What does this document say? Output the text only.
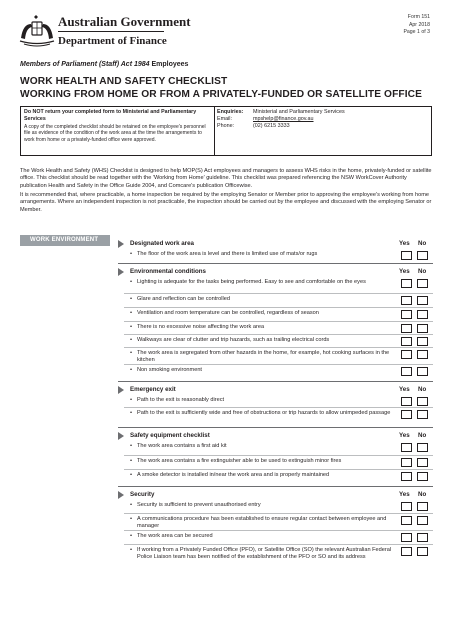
Australian Government
Department of Finance
Form 151
Apr 2018
Page 1 of 3
Members of Parliament (Staff) Act 1984 Employees
WORK HEALTH AND SAFETY CHECKLIST
WORKING FROM HOME OR FROM A PRIVATELY-FUNDED OR SATELLITE OFFICE
Do NOT return your completed form to Ministerial and Parliamentary Services
A copy of the completed checklist should be retained on the employee's personnel file as evidence of the condition of the work area at the time the arrangements to work from home or a privately-funded office were approved.
Enquiries:	Ministerial and Parliamentary Services
Email:	mpshelp@finance.gov.au
Phone:	(02) 6215 3333

The Work Health and Safety (WHS) Checklist is designed to help MOP(S) Act employees and managers to assess WHS risks in the home, privately-funded or satellite office. This checklist should be read together with the 'Working from Home' guideline. This checklist was prepared referencing the NSW WorkCover Authority publication Health and Safety in the Office Guide 2004, and Comcare's publication Officewise.

It is recommended that, where practicable, a home inspection be required by the employing Senator or Member prior to approving the employee's working from home arrangements. Where an independent inspection is not practicable, the inspection should be carried out by the employee and discussed with the employing Senator or Member.

WORK ENVIRONMENT	Designated work area	Yes No
• The floor of the work area is level and there is limited use of mats/or rugs
Environmental conditions	Yes No
• Lighting is adequate for the tasks being performed. Easy to see and comfortable on the eyes
• Glare and reflection can be controlled
• Ventilation and room temperature can be controlled, regardless of season
• There is no excessive noise affecting the work area
• Walkways are clear of clutter and trip hazards, such as trailing electrical cords
• The work area is segregated from other hazards in the home, for example, hot cooking surfaces in the kitchen
• Non smoking environment
Emergency exit	Yes No
• Path to the exit is reasonably direct
• Path to the exit is sufficiently wide and free of obstructions or trip hazards to allow unimpeded passage
Safety equipment checklist	Yes No
• The work area contains a first aid kit
• The work area contains a fire extinguisher able to be used to extinguish minor fires
• A smoke detector is installed in/near the work area and is properly maintained
Security	Yes No
• Security is sufficient to prevent unauthorised entry
• A communications procedure has been established to ensure regular contact between employee and manager
• The work area can be secured
• If working from a Privately Funded Office (PFO), or Satellite Office (SO) the relevant Australian Federal Police Liaison team has been notified of the establishment of the PFO or SO and its address
